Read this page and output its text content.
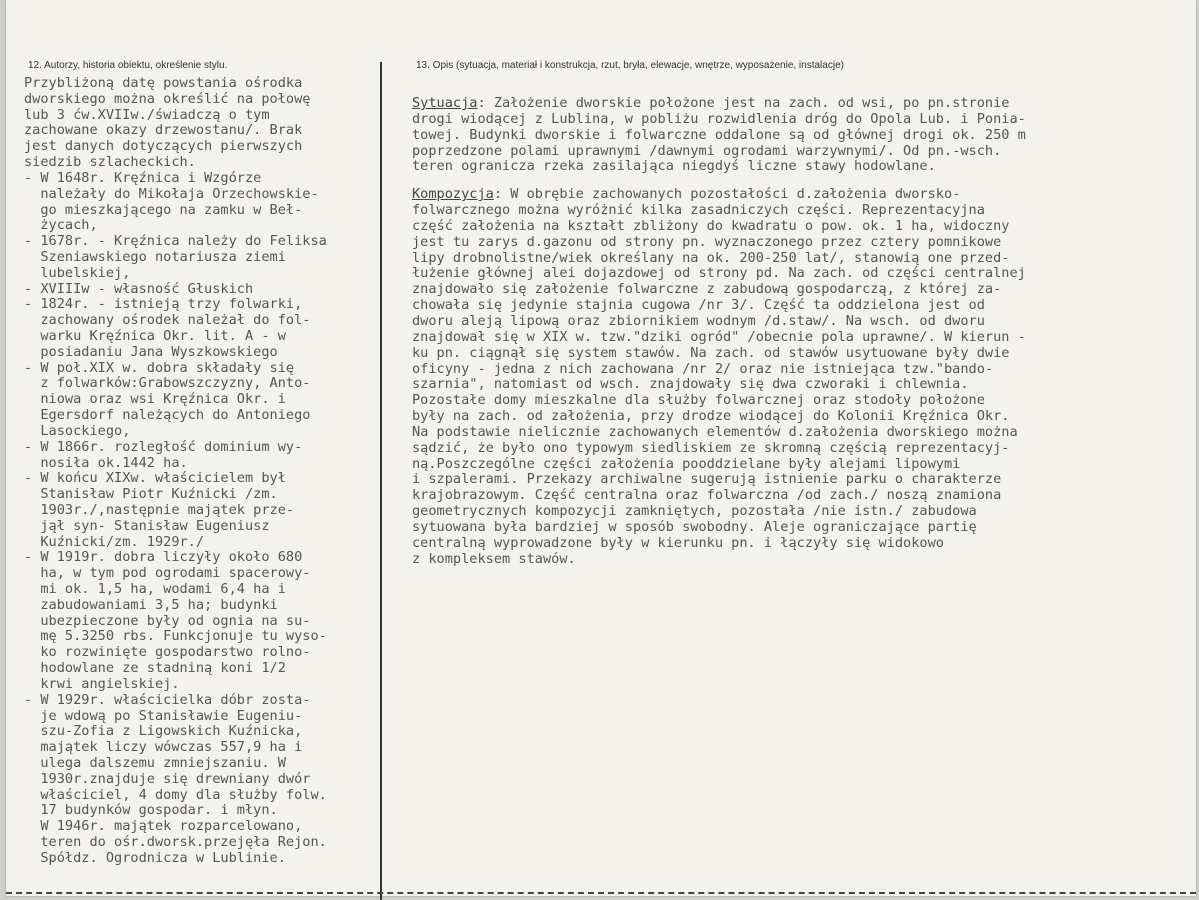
12. Autorzy, historia obiektu, określenie stylu.	13. Opis (sytuacja, materiał i konstrukcja, rzut, bryła, elewacje, wnętrze, wyposażenie, instalacje)
Przybliżoną datę powstania ośrodka
dworskiego można określić na połowę
lub 3 ćw.XVIIw./świadczą o tym
zachowane okazy drzewostanu/. Brak
jest danych dotyczących pierwszych
siedzib szlacheckich.
- W 1648r. Kręźnica i Wzgórze
należały do Mikołaja Orzechowskie-
go mieszkającego na zamku w Beł-
życach,
- 1678r. - Kręźnica należy do Feliksa
Szeniawskiego notariusza ziemi
lubelskiej,
- XVIIIw - własność Głuskich
- 1824r. - istnieją trzy folwarki,
zachowany ośrodek należał do fol-
warku Kręźnica Okr. lit. A - w
posiadaniu Jana Wyszkowskiego
- W poł.XIX w. dobra składały się
z folwarków:Grabowszczyzny, Anto-
niowa oraz wsi Kręźnica Okr. i
Egersdorf należących do Antoniego
Lasockiego,
- W 1866r. rozległość dominium wy-
nosiła ok.1442 ha.
- W końcu XIXw. właścicielem był
Stanisław Piotr Kuźnicki /zm.
1903r./,następnie majątek prze-
jął syn- Stanisław Eugeniusz
Kuźnicki/zm. 1929r./
- W 1919r. dobra liczyły około 680
ha, w tym pod ogrodami spacerowy-
mi ok. 1,5 ha, wodami 6,4 ha i
zabudowaniami 3,5 ha; budynki
ubezpieczone były od ognia na su-
mę 5.3250 rbs. Funkcjonuje tu wyso-
ko rozwinięte gospodarstwo rolno-
hodowlane ze stadniną koni 1/2
krwi angielskiej.
- W 1929r. właścicielka dóbr zosta-
je wdową po Stanisławie Eugeniu-
szu-Zofia z Ligowskich Kuźnicka,
majątek liczy wówczas 557,9 ha i
ulega dalszemu zmniejszaniu. W
1930r.znajduje się drewniany dwór
właściciel, 4 domy dla służby folw.
17 budynków gospodar. i młyn.
W 1946r. majątek rozparcelowano,
teren do ośr.dworsk.przejęła Rejon.
Spółdz. Ogrodnicza w Lublinie.
Sytuacja: Założenie dworskie położone jest na zach. od wsi, po pn.stronie
drogi wiodącej z Lublina, w pobliżu rozwidlenia dróg do Opola Lub. i Ponia-
towej. Budynki dworskie i folwarczne oddalone są od głównej drogi ok. 250 m
poprzedzone polami uprawnymi /dawnymi ogrodami warzywnymi/. Od pn.-wsch.
teren ogranicza rzeka zasilająca niegdyś liczne stawy hodowlane.
Kompozycja: W obrębie zachowanych pozostałości d.założenia dworsko-
folwarcznego można wyróżnić kilka zasadniczych części. Reprezentacyjna
część założenia na kształt zbliżony do kwadratu o pow. ok. 1 ha, widoczny
jest tu zarys d.gazonu od strony pn. wyznaczonego przez cztery pomnikowe
lipy drobnolistne/wiek określany na ok. 200-250 lat/, stanowią one przed-
łużenie głównej alei dojazdowej od strony pd. Na zach. od części centralnej
znajdowało się założenie folwarczne z zabudową gospodarczą, z której za-
chowała się jedynie stajnia cugowa /nr 3/. Część ta oddzielona jest od
dworu aleją lipową oraz zbiornikiem wodnym /d.staw/. Na wsch. od dworu
znajdował się w XIX w. tzw."dziki ogród" /obecnie pola uprawne/. W kierun -
ku pn. ciągnął się system stawów. Na zach. od stawów usytuowane były dwie
oficyny - jedna z nich zachowana /nr 2/ oraz nie istniejąca tzw."bando-
szarnia", natomiast od wsch. znajdowały się dwa czworaki i chlewnia.
Pozostałe domy mieszkalne dla służby folwarcznej oraz stodoły położone
były na zach. od założenia, przy drodze wiodącej do Kolonii Kręźnica Okr.
Na podstawie nielicznie zachowanych elementów d.założenia dworskiego można
sądzić, że było ono typowym siedliskiem ze skromną częścią reprezentacyj-
ną.Poszczególne części założenia pooddzielane były alejami lipowymi
i szpalerami. Przekazy archiwalne sugerują istnienie parku o charakterze
krajobrazowym. Część centralna oraz folwarczna /od zach./ noszą znamiona
geometrycznych kompozycji zamkniętych, pozostała /nie istn./ zabudowa
sytuowana była bardziej w sposób swobodny. Aleje ograniczające partię
centralną wyprowadzone były w kierunku pn. i łączyły się widokowo
z kompleksem stawów.
